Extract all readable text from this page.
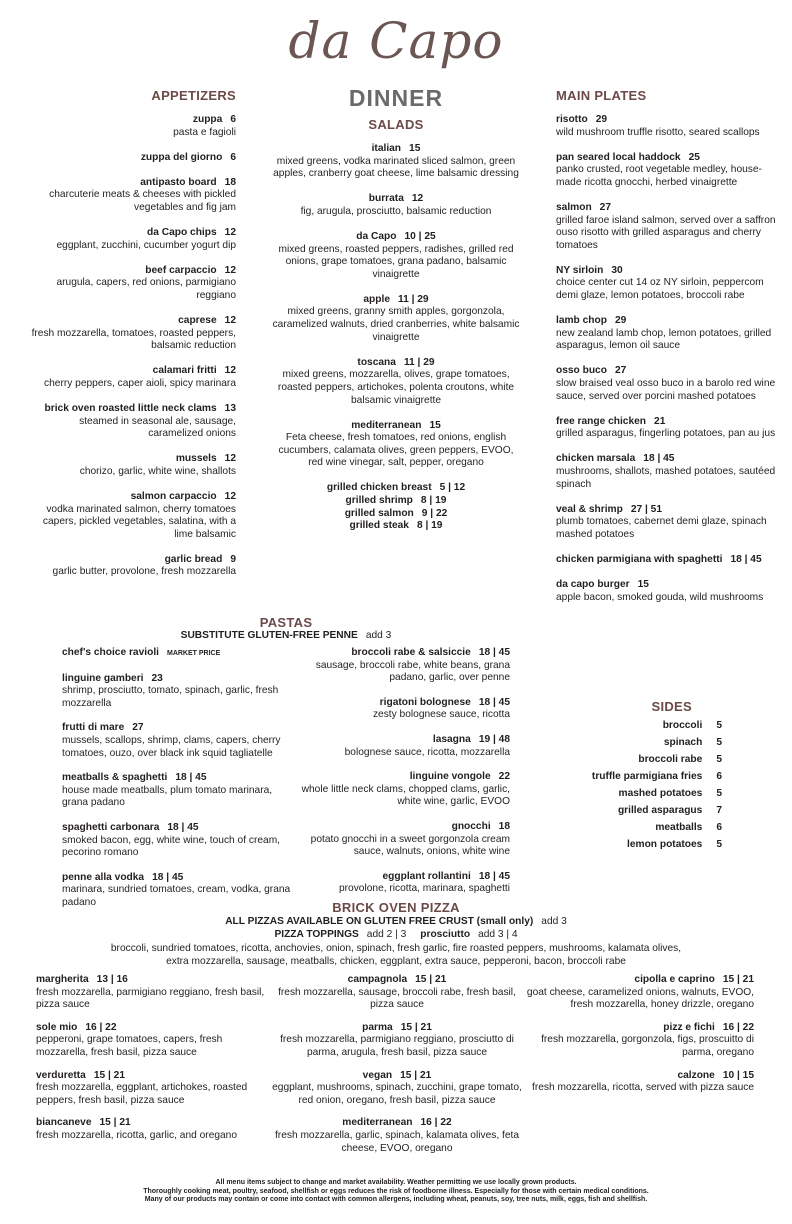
da Capo
DINNER
APPETIZERS
zuppa 6
pasta e fagioli
zuppa del giorno 6
antipasto board 18
charcuterie meats & cheeses with pickled vegetables and fig jam
da Capo chips 12
eggplant, zucchini, cucumber yogurt dip
beef carpaccio 12
arugula, capers, red onions, parmigiano reggiano
caprese 12
fresh mozzarella, tomatoes, roasted peppers, balsamic reduction
calamari fritti 12
cherry peppers, caper aioli, spicy marinara
brick oven roasted little neck clams 13
steamed in seasonal ale, sausage, caramelized onions
mussels 12
chorizo, garlic, white wine, shallots
salmon carpaccio 12
vodka marinated salmon, cherry tomatoes capers, pickled vegetables, salatina, with a lime balsamic
garlic bread 9
garlic butter, provolone, fresh mozzarella
SALADS
italian 15
mixed greens, vodka marinated sliced salmon, green apples, cranberry goat cheese, lime balsamic dressing
burrata 12
fig, arugula, prosciutto, balsamic reduction
da Capo 10 | 25
mixed greens, roasted peppers, radishes, grilled red onions, grape tomatoes, grana padano, balsamic vinaigrette
apple 11 | 29
mixed greens, granny smith apples, gorgonzola, caramelized walnuts, dried cranberries, white balsamic vinaigrette
toscana 11 | 29
mixed greens, mozzarella, olives, grape tomatoes, roasted peppers, artichokes, polenta croutons, white balsamic vinaigrette
mediterranean 15
Feta cheese, fresh tomatoes, red onions, english cucumbers, calamata olives, green peppers, EVOO, red wine vinegar, salt, pepper, oregano
grilled chicken breast 5 | 12
grilled shrimp 8 | 19
grilled salmon 9 | 22
grilled steak 8 | 19
MAIN PLATES
risotto 29
wild mushroom truffle risotto, seared scallops
pan seared local haddock 25
panko crusted, root vegetable medley, house-made ricotta gnocchi, herbed vinaigrette
salmon 27
grilled faroe island salmon, served over a saffron ouso risotto with grilled asparagus and cherry tomatoes
NY sirloin 30
choice center cut 14 oz NY sirloin, peppercom demi glaze, lemon potatoes, broccoli rabe
lamb chop 29
new zealand lamb chop, lemon potatoes, grilled asparagus, lemon oil sauce
osso buco 27
slow braised veal osso buco in a barolo red wine sauce, served over porcini mashed potatoes
free range chicken 21
grilled asparagus, fingerling potatoes, pan au jus
chicken marsala 18 | 45
mushrooms, shallots, mashed potatoes, sautéed spinach
veal & shrimp 27 | 51
plumb tomatoes, cabernet demi glaze, spinach mashed potatoes
chicken parmigiana with spaghetti 18 | 45
da capo burger 15
apple bacon, smoked gouda, wild mushrooms
PASTAS
SUBSTITUTE GLUTEN-FREE PENNE add 3
chef's choice ravioli MARKET PRICE
linguine gamberi 23
shrimp, prosciutto, tomato, spinach, garlic, fresh mozzarella
frutti di mare 27
mussels, scallops, shrimp, clams, capers, cherry tomatoes, ouzo, over black ink squid tagliatelle
meatballs & spaghetti 18 | 45
house made meatballs, plum tomato marinara, grana padano
spaghetti carbonara 18 | 45
smoked bacon, egg, white wine, touch of cream, pecorino romano
penne alla vodka 18 | 45
marinara, sundried tomatoes, cream, vodka, grana padano
broccoli rabe & salsiccie 18 | 45
sausage, broccoli rabe, white beans, grana padano, garlic, over penne
rigatoni bolognese 18 | 45
zesty bolognese sauce, ricotta
lasagna 19 | 48
bolognese sauce, ricotta, mozzarella
linguine vongole 22
whole little neck clams, chopped clams, garlic, white wine, garlic, EVOO
gnocchi 18
potato gnocchi in a sweet gorgonzola cream sauce, walnuts, onions, white wine
eggplant rollantini 18 | 45
provolone, ricotta, marinara, spaghetti
SIDES
broccoli 5
spinach 5
broccoli rabe 5
truffle parmigiana fries 6
mashed potatoes 5
grilled asparagus 7
meatballs 6
lemon potatoes 5
BRICK OVEN PIZZA
ALL PIZZAS AVAILABLE ON GLUTEN FREE CRUST (small only) add 3
PIZZA TOPPINGS add 2 | 3 prosciutto add 3 | 4
broccoli, sundried tomatoes, ricotta, anchovies, onion, spinach, fresh garlic, fire roasted peppers, mushrooms, kalamata olives,
extra mozzarella, sausage, meatballs, chicken, eggplant, extra sauce, pepperoni, bacon, broccoli rabe
margherita 13 | 16
fresh mozzarella, parmigiano reggiano, fresh basil, pizza sauce
sole mio 16 | 22
pepperoni, grape tomatoes, capers, fresh mozzarella, fresh basil, pizza sauce
verduretta 15 | 21
fresh mozzarella, eggplant, artichokes, roasted peppers, fresh basil, pizza sauce
biancaneve 15 | 21
fresh mozzarella, ricotta, garlic, and oregano
campagnola 15 | 21
fresh mozzarella, sausage, broccoli rabe, fresh basil, pizza sauce
parma 15 | 21
fresh mozzarella, parmigiano reggiano, prosciutto di parma, arugula, fresh basil, pizza sauce
vegan 15 | 21
eggplant, mushrooms, spinach, zucchini, grape tomato, red onion, oregano, fresh basil, pizza sauce
mediterranean 16 | 22
fresh mozzarella, garlic, spinach, kalamata olives, feta cheese, EVOO, oregano
cipolla e caprino 15 | 21
goat cheese, caramelized onions, walnuts, EVOO, fresh mozzarella, honey drizzle, oregano
pizz e fichi 16 | 22
fresh mozzarella, gorgonzola, figs, proscuitto di parma, oregano
calzone 10 | 15
fresh mozzarella, ricotta, served with pizza sauce
All menu items subject to change and market availability. Weather permitting we use locally grown products.
Thoroughly cooking meat, poultry, seafood, shellfish or eggs reduces the risk of foodborne illness. Especially for those with certain medical conditions.
Many of our products may contain or come into contact with common allergens, including wheat, peanuts, soy, tree nuts, milk, eggs, fish and shellfish.
